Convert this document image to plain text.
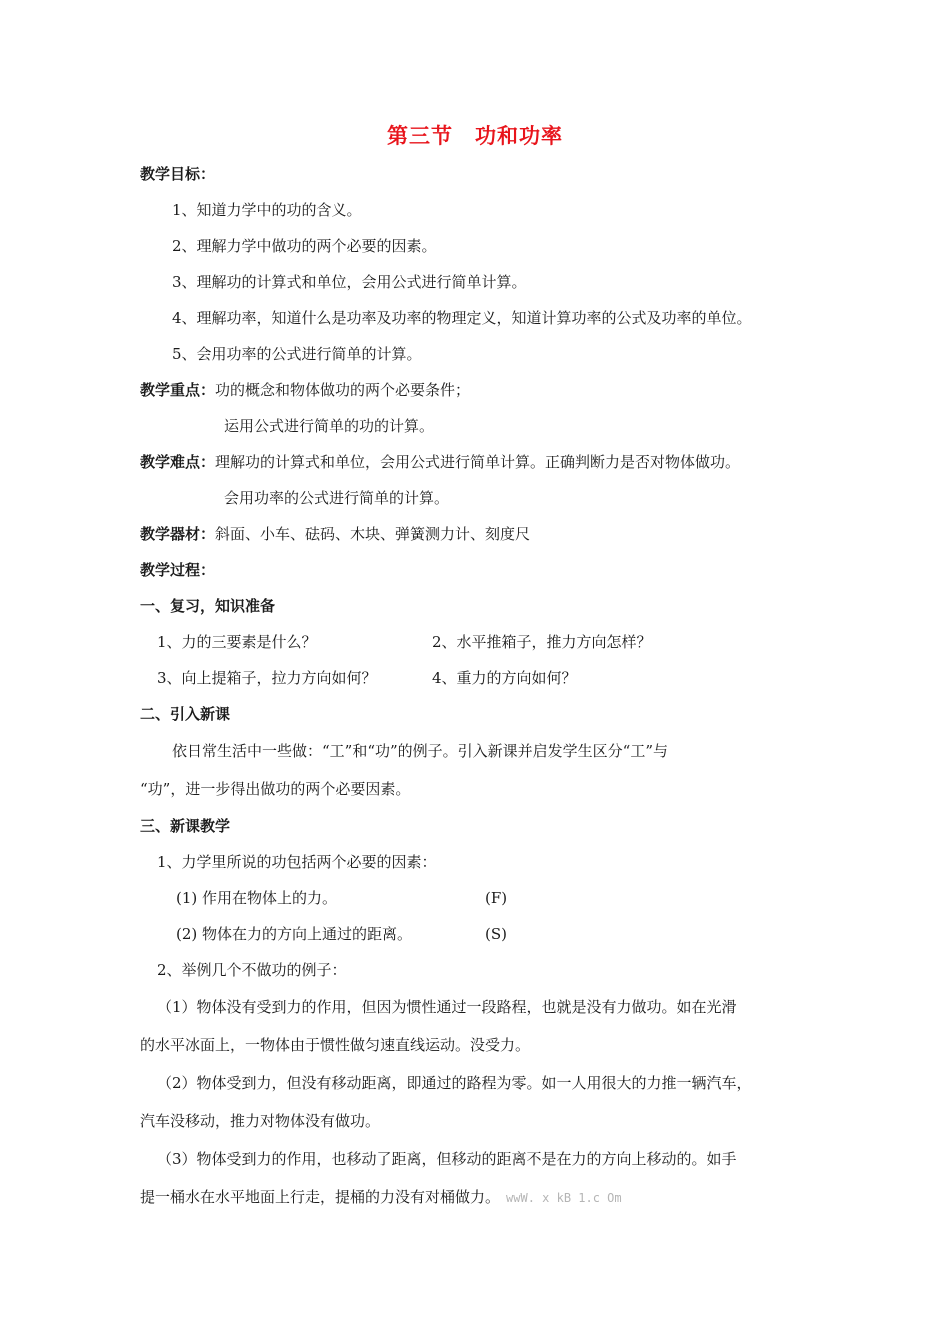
第三节 功和功率
教学目标：
1、知道力学中的功的含义。
2、理解力学中做功的两个必要的因素。
3、理解功的计算式和单位，会用公式进行简单计算。
4、理解功率，知道什么是功率及功率的物理定义，知道计算功率的公式及功率的单位。
5、会用功率的公式进行简单的计算。
教学重点：功的概念和物体做功的两个必要条件；
运用公式进行简单的功的计算。
教学难点：理解功的计算式和单位，会用公式进行简单计算。正确判断力是否对物体做功。
会用功率的公式进行简单的计算。
教学器材：斜面、小车、砝码、木块、弹簧测力计、刻度尺
教学过程：
一、复习，知识准备
1、力的三要素是什么？	2、水平推箱子，推力方向怎样？
3、向上提箱子，拉力方向如何？	4、重力的方向如何？
二、引入新课
依日常生活中一些做：“工”和“功”的例子。引入新课并启发学生区分“工”与
“功”，进一步得出做功的两个必要因素。
三、新课教学
1、力学里所说的功包括两个必要的因素：
(1) 作用在物体上的力。	(F)
(2) 物体在力的方向上通过的距离。	(S)
2、举例几个不做功的例子：
（1）物体没有受到力的作用，但因为惯性通过一段路程，也就是没有力做功。如在光滑
的水平冰面上，一物体由于惯性做匀速直线运动。没受力。
（2）物体受到力，但没有移动距离，即通过的路程为零。如一人用很大的力推一辆汽车，
汽车没移动，推力对物体没有做功。
（3）物体受到力的作用，也移动了距离，但移动的距离不是在力的方向上移动的。如手
提一桶水在水平地面上行走，提桶的力没有对桶做力。 wwW. x kB 1.c Om
